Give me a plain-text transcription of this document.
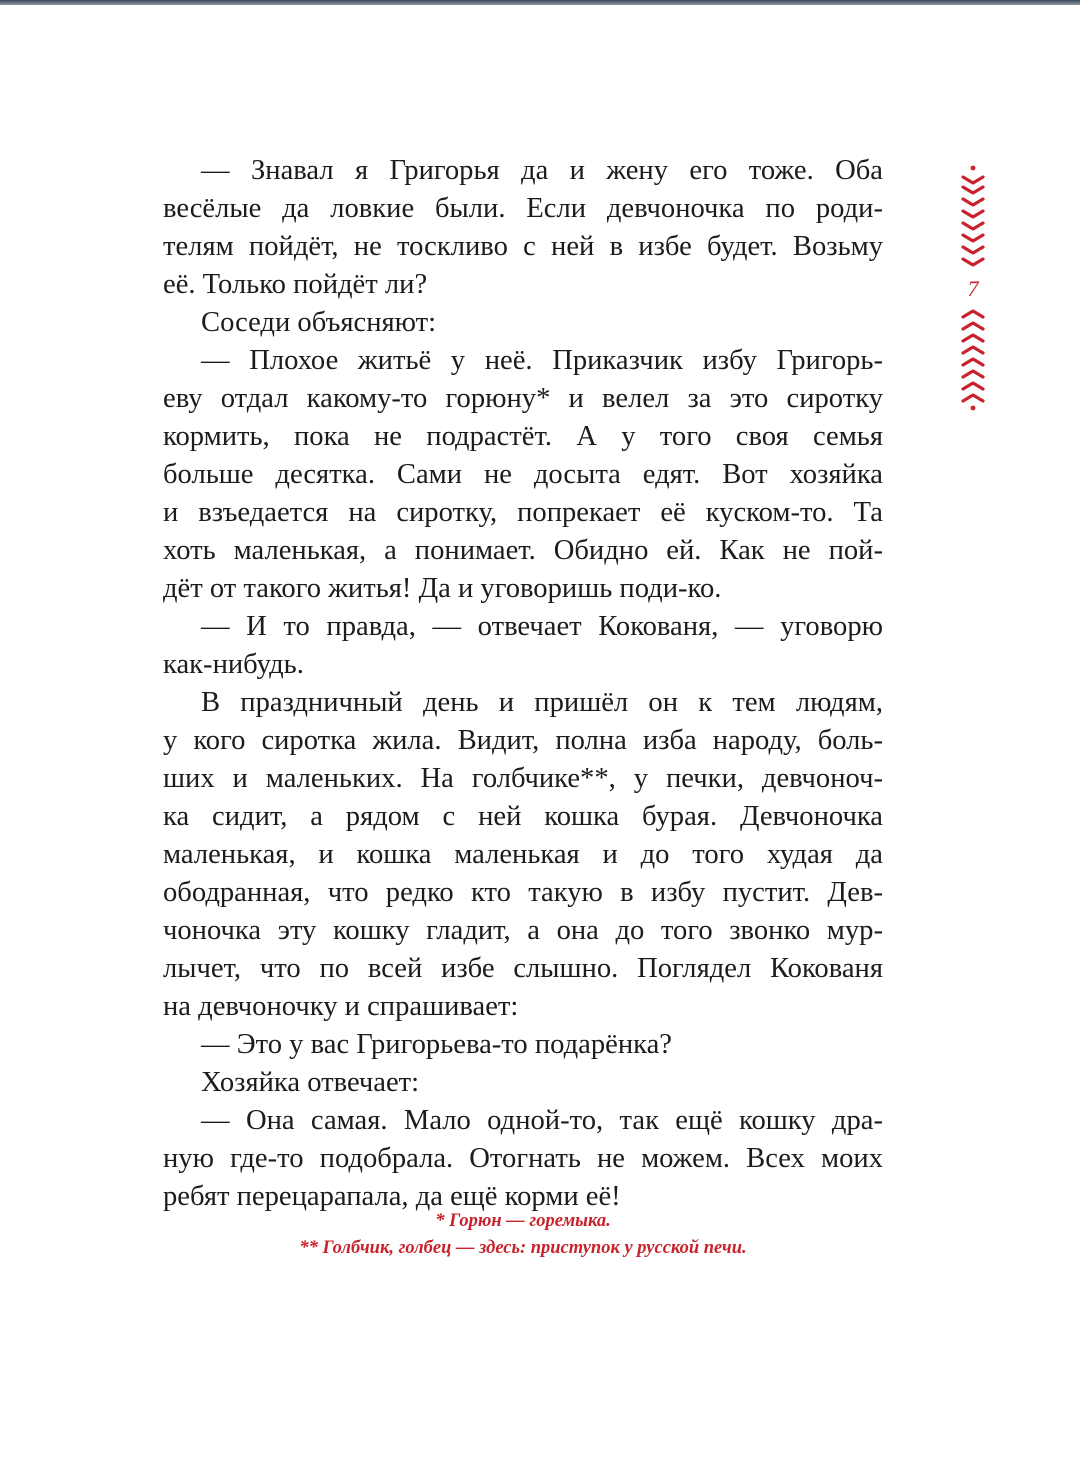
— Знавал я Григорья да и жену его тоже. Оба
весёлые да ловкие были. Если девчоночка по роди-
телям пойдёт, не тоскливо с ней в избе будет. Возьму
её. Только пойдёт ли?
Соседи объясняют:
— Плохое житьё у неё. Приказчик избу Григорь-
еву отдал какому-то горюну* и велел за это сиротку
кормить, пока не подрастёт. А у того своя семья
больше десятка. Сами не досыта едят. Вот хозяйка
и взъедается на сиротку, попрекает её куском-то. Та
хоть маленькая, а понимает. Обидно ей. Как не пой-
дёт от такого житья! Да и уговоришь поди-ко.
— И то правда, — отвечает Кокованя, — уговорю
как-нибудь.
В праздничный день и пришёл он к тем людям,
у кого сиротка жила. Видит, полна изба народу, боль-
ших и маленьких. На голбчике**, у печки, девчоноч-
ка сидит, а рядом с ней кошка бурая. Девчоночка
маленькая, и кошка маленькая и до того худая да
ободранная, что редко кто такую в избу пустит. Дев-
чоночка эту кошку гладит, а она до того звонко мур-
лычет, что по всей избе слышно. Поглядел Кокованя
на девчоночку и спрашивает:
— Это у вас Григорьева-то подарёнка?
Хозяйка отвечает:
— Она самая. Мало одной-то, так ещё кошку дра-
ную где-то подобрала. Отогнать не можем. Всех моих
ребят перецарапала, да ещё корми её!
* Горюн — горемыка.
** Голбчик, голбец — здесь: приступок у русской печи.
7
